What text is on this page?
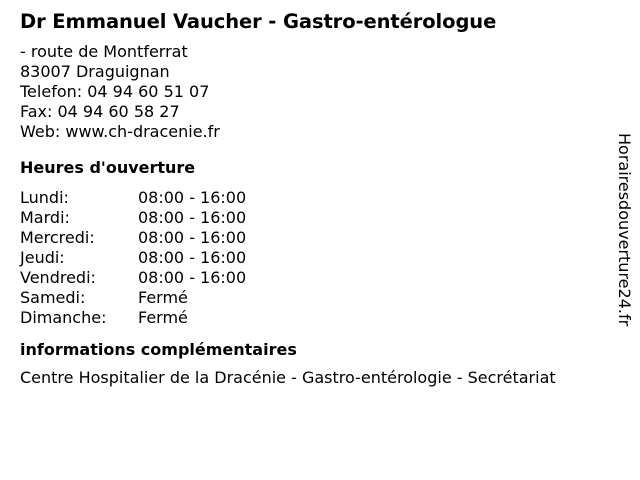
Dr Emmanuel Vaucher - Gastro-entérologue
- route de Montferrat
83007 Draguignan
Telefon: 04 94 60 51 07
Fax: 04 94 60 58 27
Web: www.ch-dracenie.fr
Heures d'ouverture
Lundi:	08:00 - 16:00
Mardi:	08:00 - 16:00
Mercredi:	08:00 - 16:00
Jeudi:	08:00 - 16:00
Vendredi:	08:00 - 16:00
Samedi:	Fermé
Dimanche:	Fermé
informations complémentaires
Centre Hospitalier de la Dracénie - Gastro-entérologie - Secrétariat
Horairesdouverture24.fr
